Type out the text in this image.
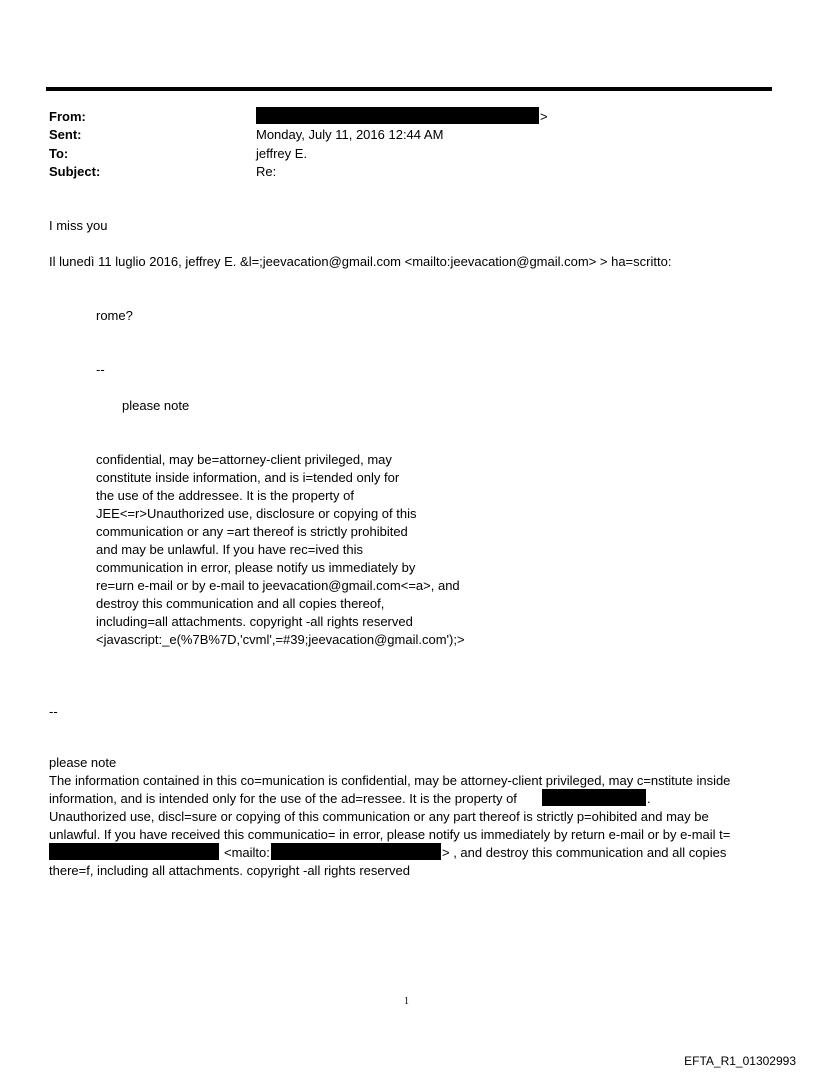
From:	>
Sent:	Monday, July 11, 2016 12:44 AM
To:	jeffrey E.
Subject:	Re:
I miss you
Il lunedì 11 luglio 2016, jeffrey E. &l=;jeevacation@gmail.com <mailto:jeevacation@gmail.com> > ha=scritto:
rome?
--
please note
confidential, may be=attorney-client privileged, may
constitute inside information, and is i=tended only for
the use of the addressee. It is the property of
JEE<=r>Unauthorized use, disclosure or copying of this
communication or any =art thereof is strictly prohibited
and may be unlawful. If you have rec=ived this
communication in error, please notify us immediately by
re=urn e-mail or by e-mail to jeevacation@gmail.com<=a>, and
destroy this communication and all copies thereof,
including=all attachments. copyright -all rights reserved
<javascript:_e(%7B%7D,'cvml',=#39;jeevacation@gmail.com');>
--
please note
The information contained in this co=munication is confidential, may be attorney-client privileged, may c=nstitute inside
information, and is intended only for the use of the ad=ressee. It is the property of	.
Unauthorized use, discl=sure or copying of this communication or any part thereof is strictly p=ohibited and may be
unlawful. If you have received this communicatio= in error, please notify us immediately by return e-mail or by e-mail t=
<mailto:	> , and destroy this communication and all copies
there=f, including all attachments. copyright -all rights reserved
1
EFTA_R1_01302993
